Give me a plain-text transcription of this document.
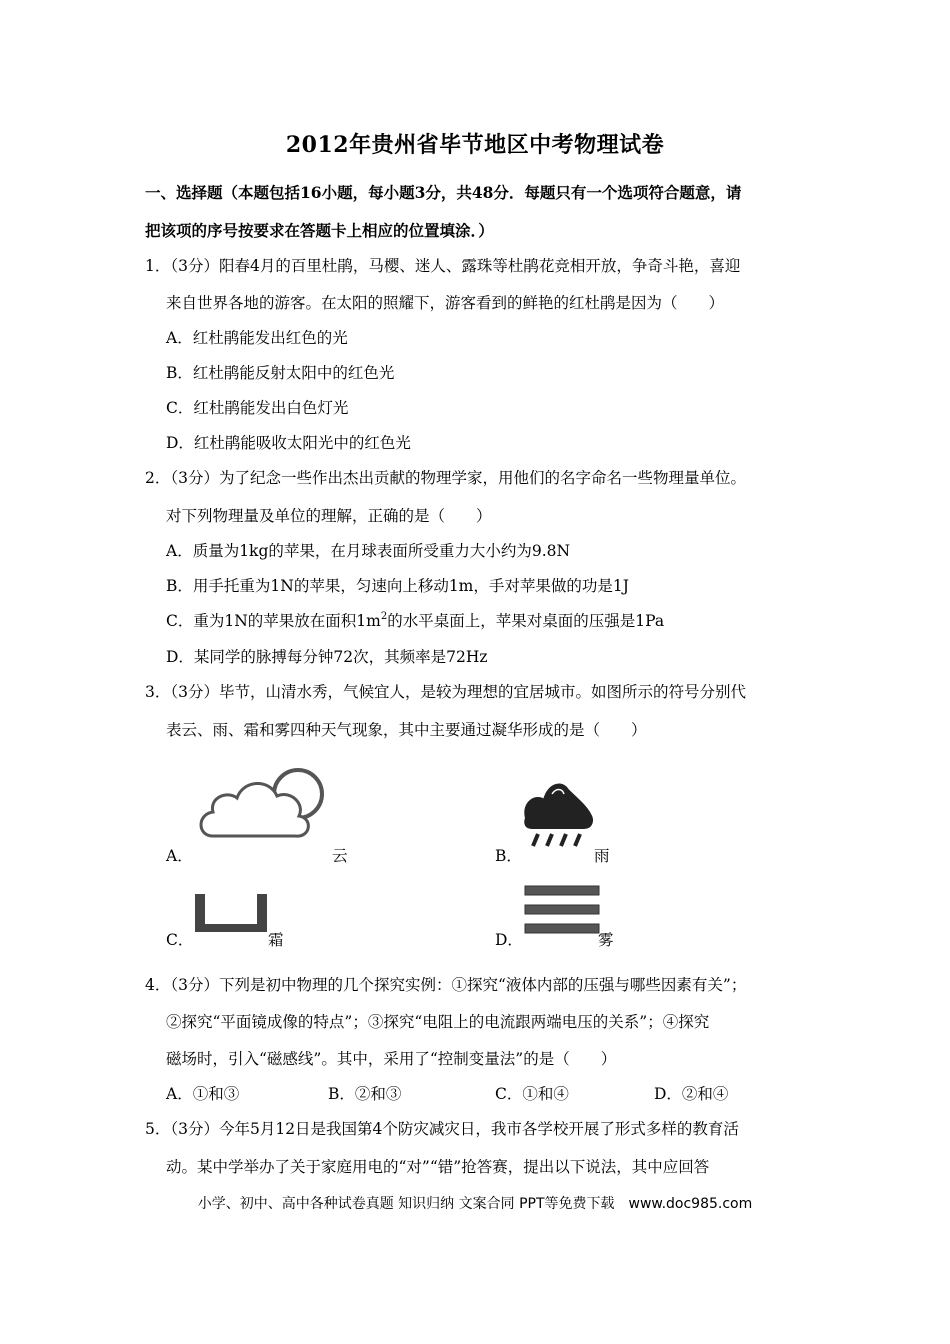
2012年贵州省毕节地区中考物理试卷
一、选择题（本题包括16小题，每小题3分，共48分．每题只有一个选项符合题意，请
把该项的序号按要求在答题卡上相应的位置填涂．）
1．（3分）阳春4月的百里杜鹃，马樱、迷人、露珠等杜鹃花竞相开放，争奇斗艳，喜迎
来自世界各地的游客。在太阳的照耀下，游客看到的鲜艳的红杜鹃是因为（　　）
A．红杜鹃能发出红色的光
B．红杜鹃能反射太阳中的红色光
C．红杜鹃能发出白色灯光
D．红杜鹃能吸收太阳光中的红色光
2．（3分）为了纪念一些作出杰出贡献的物理学家，用他们的名字命名一些物理量单位。
对下列物理量及单位的理解，正确的是（　　）
A．质量为1kg的苹果，在月球表面所受重力大小约为9.8N
B．用手托重为1N的苹果，匀速向上移动1m，手对苹果做的功是1J
C．重为1N的苹果放在面积$1m^2$的水平桌面上，苹果对桌面的压强是1Pa
D．某同学的脉搏每分钟72次，其频率是72Hz
3．（3分）毕节，山清水秀，气候宜人，是较为理想的宜居城市。如图所示的符号分别代
表云、雨、霜和雾四种天气现象，其中主要通过凝华形成的是（　　）
A．	云	B．	雨
C．	霜	D．	雾
4．（3分）下列是初中物理的几个探究实例：①探究“液体内部的压强与哪些因素有关”；
②探究“平面镜成像的特点”；③探究“电阻上的电流跟两端电压的关系”；④探究
磁场时，引入“磁感线”。其中，采用了“控制变量法”的是（　　）
A．①和③	B．②和③	C．①和④	D．②和④
5．（3分）今年5月12日是我国第4个防灾减灾日，我市各学校开展了形式多样的教育活
动。某中学举办了关于家庭用电的“对”“错”抢答赛，提出以下说法，其中应回答
小学、初中、高中各种试卷真题 知识归纳 文案合同 PPT等免费下载　www.doc985.com
